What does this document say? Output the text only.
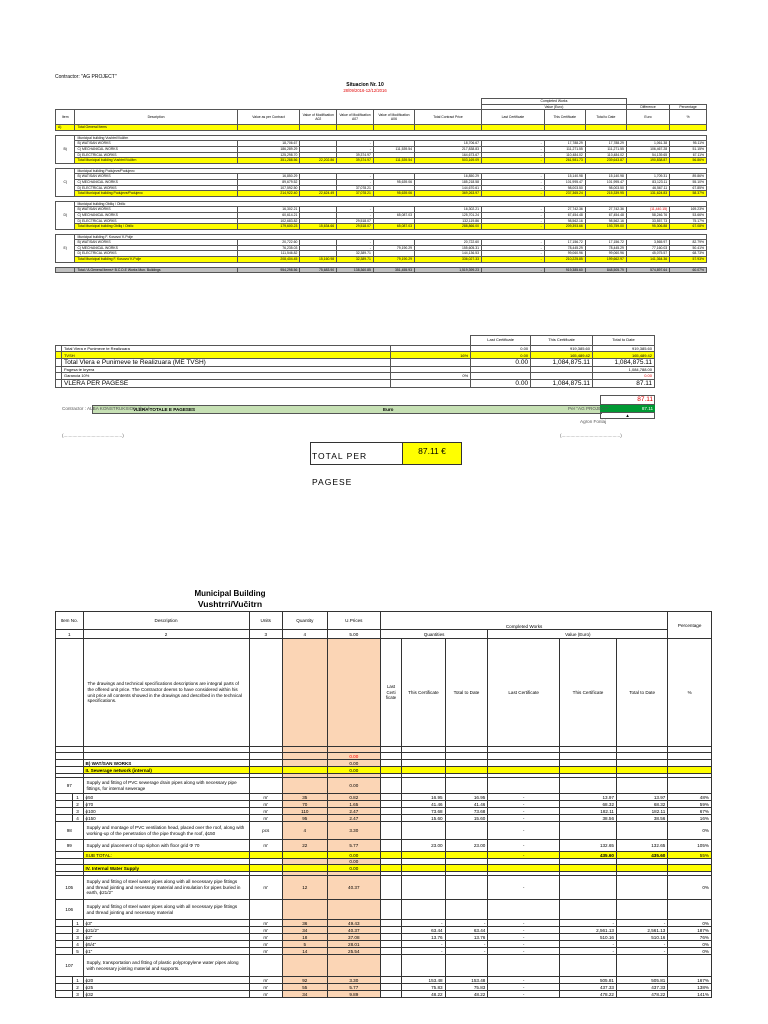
Contractor: "AG PROJECT"
Situacion Nr. 10
28/09/2016-12/12/2016
							Completed Works				
							Value (Euro)			Difference	Percentage
Item	Description	Value as per Contract	Value of Modification A02	Value of Modification A07	Value of Modification A06	Total Contract Price	Last Certificate	This Certificate	Total to Date	Euro	%
A)	Total General Items										

	Municipal building Vushtrri/Vučitrn										
	B) WAT/SAN WORKS	18,706.67		-		18,706.67	-	17,788.29	17,788.29	1,061.38	95.11%
B)	C) MECHANICAL WORKS	186,289.29		-	111,539.54	217,838.83	-	111,271.55	111,271.55	106,467.28	51.15%
	D) ELECTRICAL WORKS	125,298.70		39,374.97		164,673.67	-	110,484.02	110,484.02	54,139.65	67.11%
	Total Municipal building Vushtrri/Vučitrn	351,288.56	22,202.86	39,374.97	111,539.54	503,169.09	-	261,981.73	239,643.87	190,838.87	56.86%

	Municipal building Podujeve/Podujevo										
	B) WAT/SAN WORKS	16,850.29		-		16,850.29	-	15,140.98	15,140.98	1,709.31	89.86%
C)	C) MECHANICAL WORKS	89,679.52		-	95,639.06	185,218.58	-	101,995.47	101,995.47	83,123.11	55.10%
	D) ELECTRICAL WORKS	107,592.50		37,078.21		144,670.61	-	98,003.50	98,003.50	46,567.11	67.85%
	Total Municipal building Podujeve/Podujevo	214,922.40	22,624.49	37,078.21	95,639.06	369,263.97	-	237,365.24	215,339.95	131,624.83	58.37%

	Municipal building Obiliq / Obilic										
	B) WAT/SAN WORKS	16,302.21		-		16,302.21	-	27,742.36	27,742.36	(11,440.15)	169.23%
D)	C) MECHANICAL WORKS	60,614.21		-	65,087.03	125,701.24	-	67,454.48	67,454.48	58,246.76	53.66%
	D) ELECTRICAL WORKS	102,683.82		29,518.07		132,119.86	-	98,562.16	98,562.16	33,557.73	75.17%
	Total Municipal building Obiliq / Obilic	179,600.23	15,634.66	29,518.07	65,087.03	288,866.00	-	209,393.66	193,759.00	95,306.88	67.08%

	Municipal building F. Kosovo/ K.Polje										
	B) WAT/SAN WORKS	20,722.60		-		20,722.60	-	17,156.72	17,156.72	3,565.97	82.79%
E)	C) MECHANICAL WORKS	76,235.03		-	79,190.29	155,605.31	-	78,445.29	78,445.29	77,160.03	50.41%
	D) ELECTRICAL WORKS	111,546.82		32,389.71		144,136.53	-	99,060.96	99,060.96	45,075.57	68.73%
	Total Municipal building F. Kosovo/ K.Polje	208,404.45	15,160.98	32,389.71	79,190.29	336,027.33	-	210,225.85	199,662.97	141,364.36	57.93%

	Total / A.General Items+ B.C.D.E Works Mun. Buildings	954,298.56	75,683.90	138,360.85	351,455.93	1,519,399.23	-	919,385.60	848,505.79	574,897.64	60.07%
			Last Certificate	This Certificate	Total to Date
	Total Vlera e Punimeve te Realizuara		0.00	919,385.60	919,385.60
	TVSH	16%	0.00	165,489.42	165,489.42
	Total Vlera e Punimeve te Realizuara (ME TVSH)		0.00	1,084,875.11	1,084,875.11
	Pagesa te kryera				1,084,788.00
	Garancia 10%	0%			0.00
	VLERA PER PAGESE		0.00	1,084,875.11	87.11
VLERA TOTALE E PAGESES	Euro	87.11
▲
87.11
Contractor : ALBA KONSTRUKSION sh.p.k	Per "AG PROJECT"
Agron Fonlaj
(..............................................)	(..............................................)
TOTAL PER PAGESE
87.11 €
Municipal Building
Vushtrri/Vučitrn
Item No.		Description	Units	Quantity	U.Prices	Completed Works						Percentage
1		2	3	4	5.00	Quantities			Value (Euro)			
		The drawings and technical specifications descriptions are integral parts of the offered unit price. The Contractor deems to have considered within his unit price all contents showed in the drawings and described in the technical specifications.				Last Certi ficate	This Certificate	Total to Date	Last Certificate	This Certificate	Total to Date	%

					0.00							
		B) WAT/SAN WORKS			0.00							
		II. Sewerage network (internal)			0.00							

97		Supply and fitting of PVC sewerage drain pipes along with necessary pipe fittings, for internal sewerage			0.00							
	1	ϕ50	m'	35	0.82		16.95	16.95	-	13.97	13.97	48%
	2	ϕ70	m'	70	1.65		41.46	41.46	-	68.32	68.32	59%
	3	ϕ100	m'	110	2.47		73.68	73.68	-	182.11	182.11	67%
	4	ϕ150	m'	95	2.47		15.60	15.60	-	38.56	38.56	16%
98		Supply and montage of PVC ventilation head, placed over the roof, along with working-up of the penetration of the pipe through the roof, ϕ150	pcs	4	3.30				-			0%
99		Supply and placement of top siphon with floor grid Φ 70	m'	22	5.77		23.00	23.00	-	132.65	132.65	105%
		SUB TOTAL:			0.00				-	435.60	435.60	55%
					0.00							
		IV. Internal Water Supply			0.00							

105		Supply and fitting of steel water pipes along with all necessary pipe fittings and thread jointing and necessary material and insulation for pipes buried in earth, ϕ21/2"	m'	12	40.37				-			0%
106		Supply and fitting of steel water pipes along with all necessary pipe fittings and thread jointing and necessary material										
	1	ϕ3"	m'	36	49.43		-	-	-	-	-	0%
	2	ϕ21/2"	m'	34	40.37		63.44	63.44	-	2,561.13	2,561.13	187%
	3	ϕ2"	m'	18	37.08		13.76	13.76	-	510.16	510.16	76%
	4	ϕ5/4"	m'	5	28.01		-	-	-	-	-	0%
	5	ϕ1"	m'	14	25.54		-	-	-	-	-	0%
107		Supply, transportation and fitting of plastic polypropylene water pipes along with necessary jointing material and supports.										
	1	ϕ20	m'	92	3.30		153.48	153.48	-	505.81	505.81	167%
	2	ϕ25	m'	55	5.77		75.83	75.83	-	437.33	437.33	138%
	3	ϕ32	m'	34	9.89		48.22	48.22	-	478.22	478.22	141%
